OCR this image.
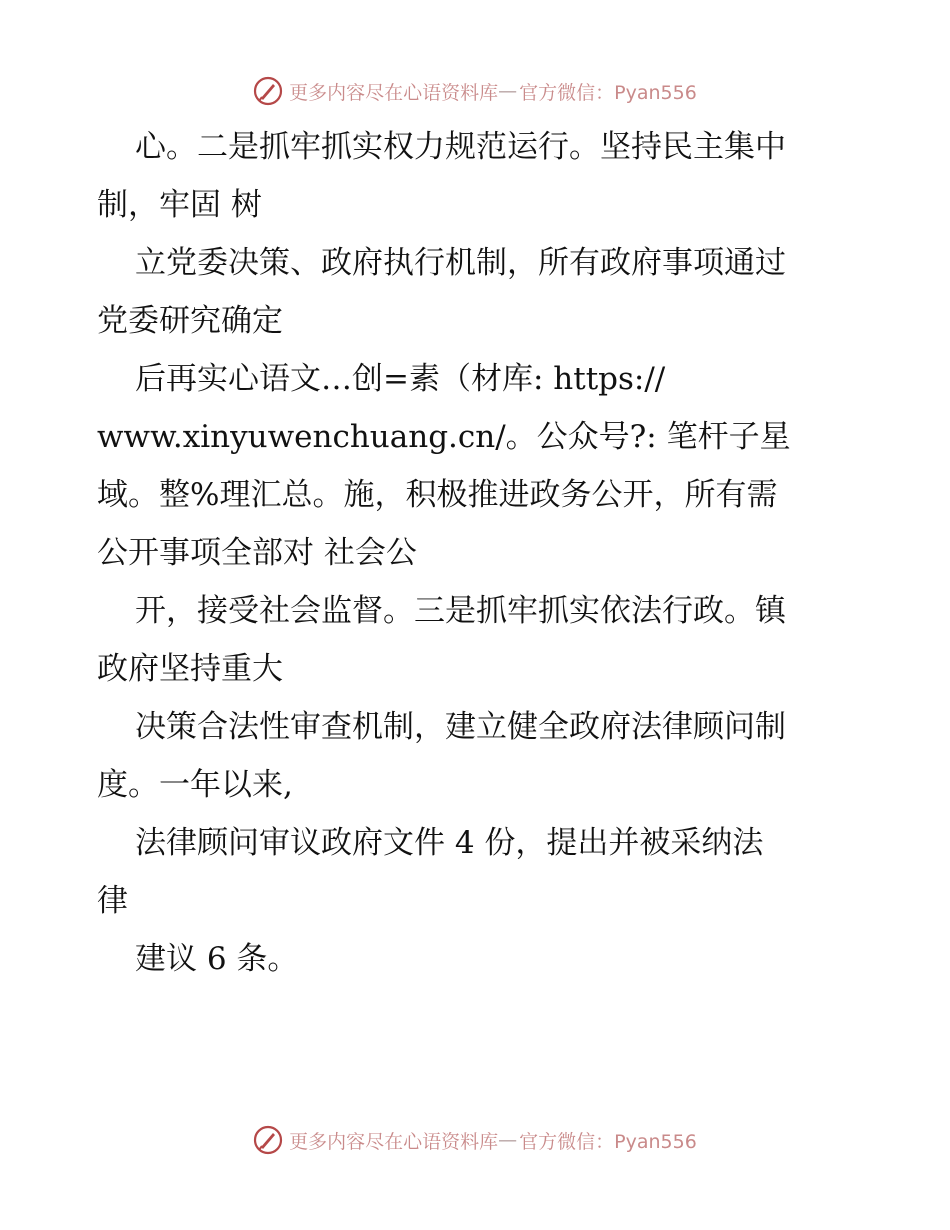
更多内容尽在心语资料库 — 官方微信：Pyan556

心。二是抓牢抓实权力规范运行。坚持民主集中
制，牢固 树

立党委决策、政府执行机制，所有政府事项通过
党委研究确定

后再实心语文…创=素（材库: https://
www.xinyuwenchuang.cn/。公众号?: 笔杆子星

域。整%理汇总。施，积极推进政务公开，所有需
公开事项全部对 社会公

开，接受社会监督。三是抓牢抓实依法行政。镇
政府坚持重大

决策合法性审查机制，建立健全政府法律顾问制
度。一年以来,

法律顾问审议政府文件 4 份，提出并被采纳法
律

建议 6 条。

更多内容尽在心语资料库 — 官方微信：Pyan556
